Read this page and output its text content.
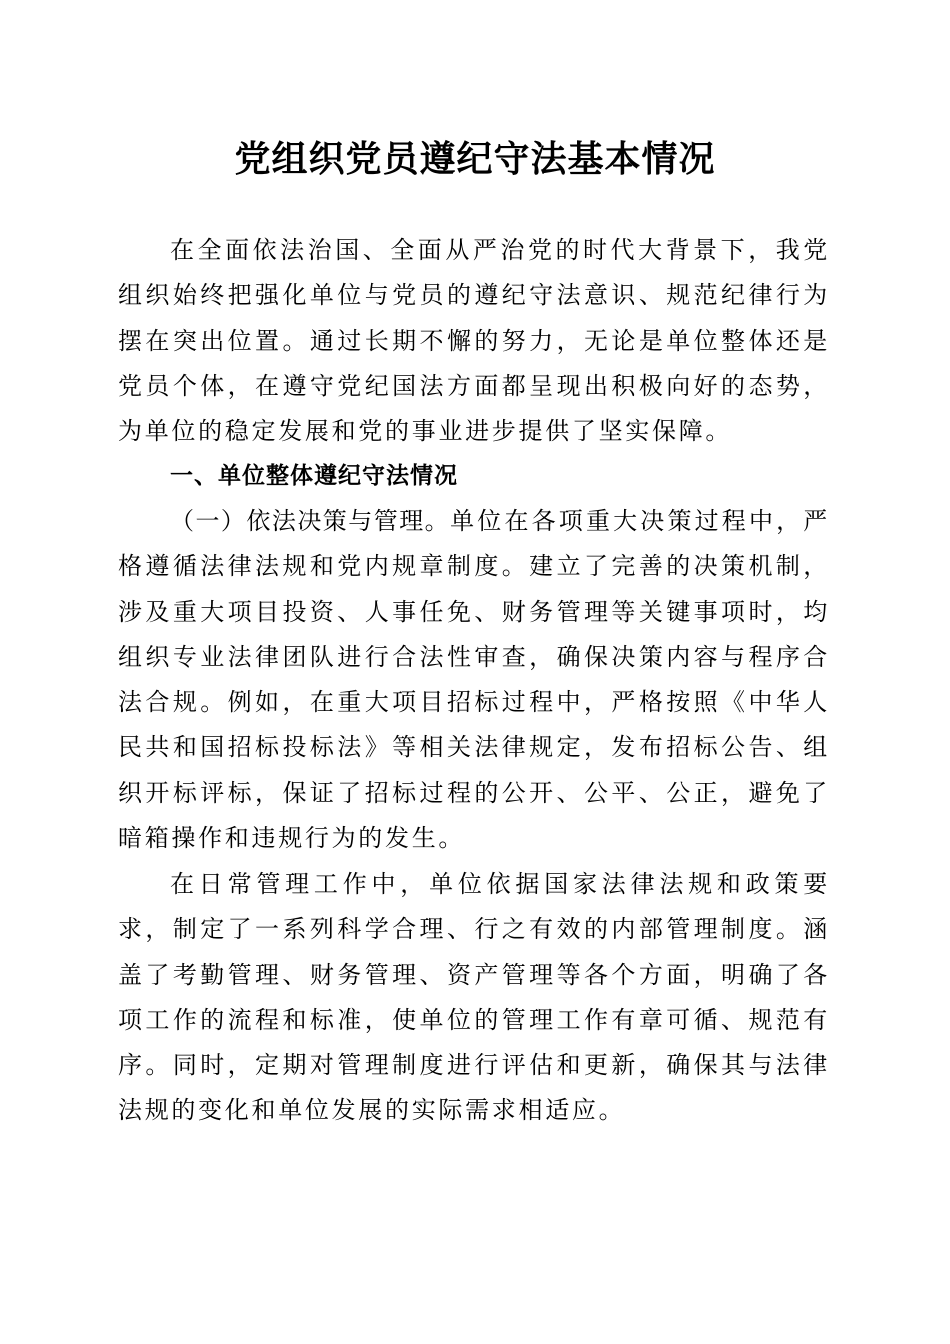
党组织党员遵纪守法基本情况

在全面依法治国、全面从严治党的时代大背景下，我党组织始终把强化单位与党员的遵纪守法意识、规范纪律行为摆在突出位置。通过长期不懈的努力，无论是单位整体还是党员个体，在遵守党纪国法方面都呈现出积极向好的态势，为单位的稳定发展和党的事业进步提供了坚实保障。

一、单位整体遵纪守法情况

（一）依法决策与管理。单位在各项重大决策过程中，严格遵循法律法规和党内规章制度。建立了完善的决策机制，涉及重大项目投资、人事任免、财务管理等关键事项时，均组织专业法律团队进行合法性审查，确保决策内容与程序合法合规。例如，在重大项目招标过程中，严格按照《中华人民共和国招标投标法》等相关法律规定，发布招标公告、组织开标评标，保证了招标过程的公开、公平、公正，避免了暗箱操作和违规行为的发生。

在日常管理工作中，单位依据国家法律法规和政策要求，制定了一系列科学合理、行之有效的内部管理制度。涵盖了考勤管理、财务管理、资产管理等各个方面，明确了各项工作的流程和标准，使单位的管理工作有章可循、规范有序。同时，定期对管理制度进行评估和更新，确保其与法律法规的变化和单位发展的实际需求相适应。
